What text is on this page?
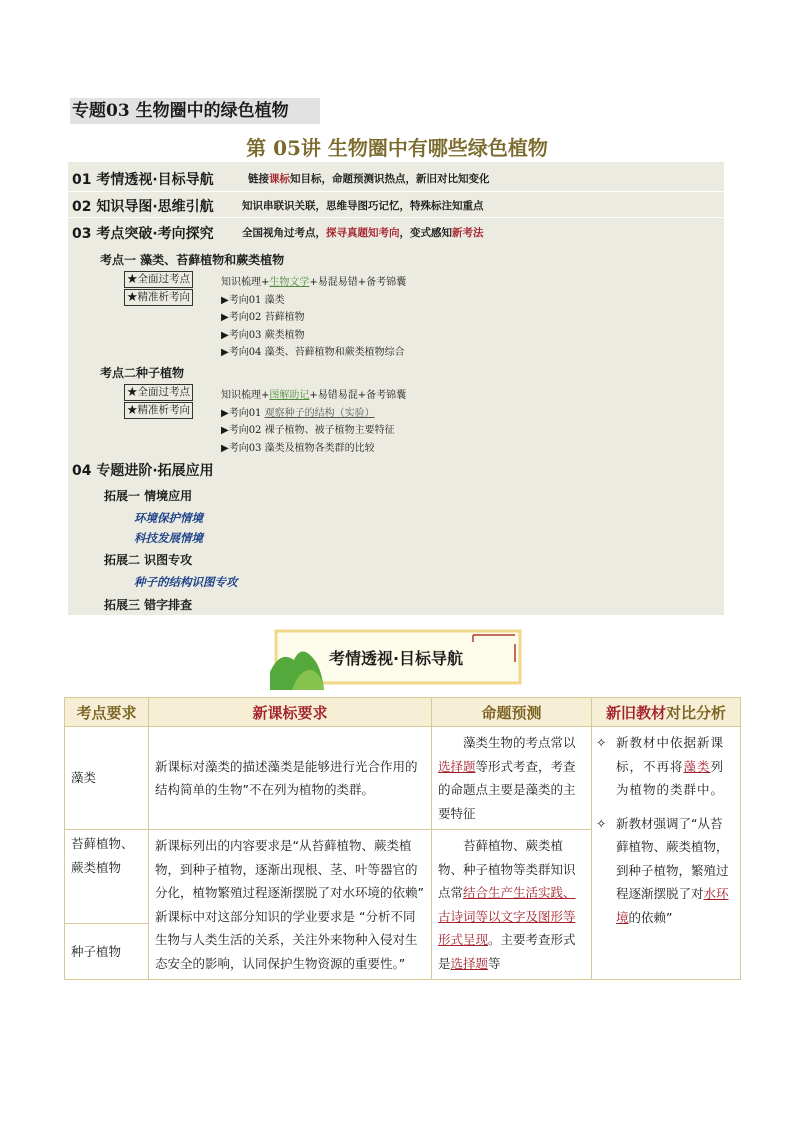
专题03 生物圈中的绿色植物
第 05讲 生物圈中有哪些绿色植物
01 考情透视·目标导航	链接课标知目标，命题预测识热点，新旧对比知变化
02 知识导图·思维引航	知识串联识关联，思维导图巧记忆，特殊标注知重点
03 考点突破·考向探究	全国视角过考点，探寻真题知考向，变式感知新考法
考点一 藻类、苔藓植物和蕨类植物
★全面过考点
★精准析考向
知识梳理+生物文学+易混易错+备考锦囊
▶考向01 藻类
▶考向02 苔藓植物
▶考向03 蕨类植物
▶考向04 藻类、苔藓植物和蕨类植物综合
考点二种子植物
★全面过考点
★精准析考向
知识梳理+图解助记+易错易混+备考锦囊
▶考向01 观察种子的结构（实验）
▶考向02 裸子植物、被子植物主要特征
▶考向03 藻类及植物各类群的比较
04 专题进阶·拓展应用
拓展一 情境应用
环境保护情境
科技发展情境
拓展二 识图专攻
种子的结构识图专攻
拓展三 错字排查
考情透视·目标导航
考点要求	新课标要求	命题预测	新旧教材对比分析
藻类	新课标对藻类的描述藻类是能够进行光合作用的结构简单的生物”不在列为植物的类群。	藻类生物的考点常以选择题等形式考查，考查的命题点主要是藻类的主要特征	✧ 新教材中依据新课标，不再将藻类列为植物的类群中。
✧ 新教材强调了“从苔藓植物、蕨类植物，到种子植物，繁殖过程逐渐摆脱了对水环境的依赖”

苔藓植物、蕨类植物	新课标列出的内容要求是“从苔藓植物、蕨类植物，到种子植物，逐渐出现根、茎、叶等器官的分化，植物繁殖过程逐渐摆脱了对水环境的依赖”
新课标中对这部分知识的学业要求是 “分析不同生物与人类生活的关系，关注外来物种入侵对生态安全的影响，认同保护生物资源的重要性。”	苔藓植物、蕨类植物、种子植物等类群知识点常结合生产生活实践、古诗词等以文字及图形等形式呈现。主要考查形式是选择题等	
种子植物			
